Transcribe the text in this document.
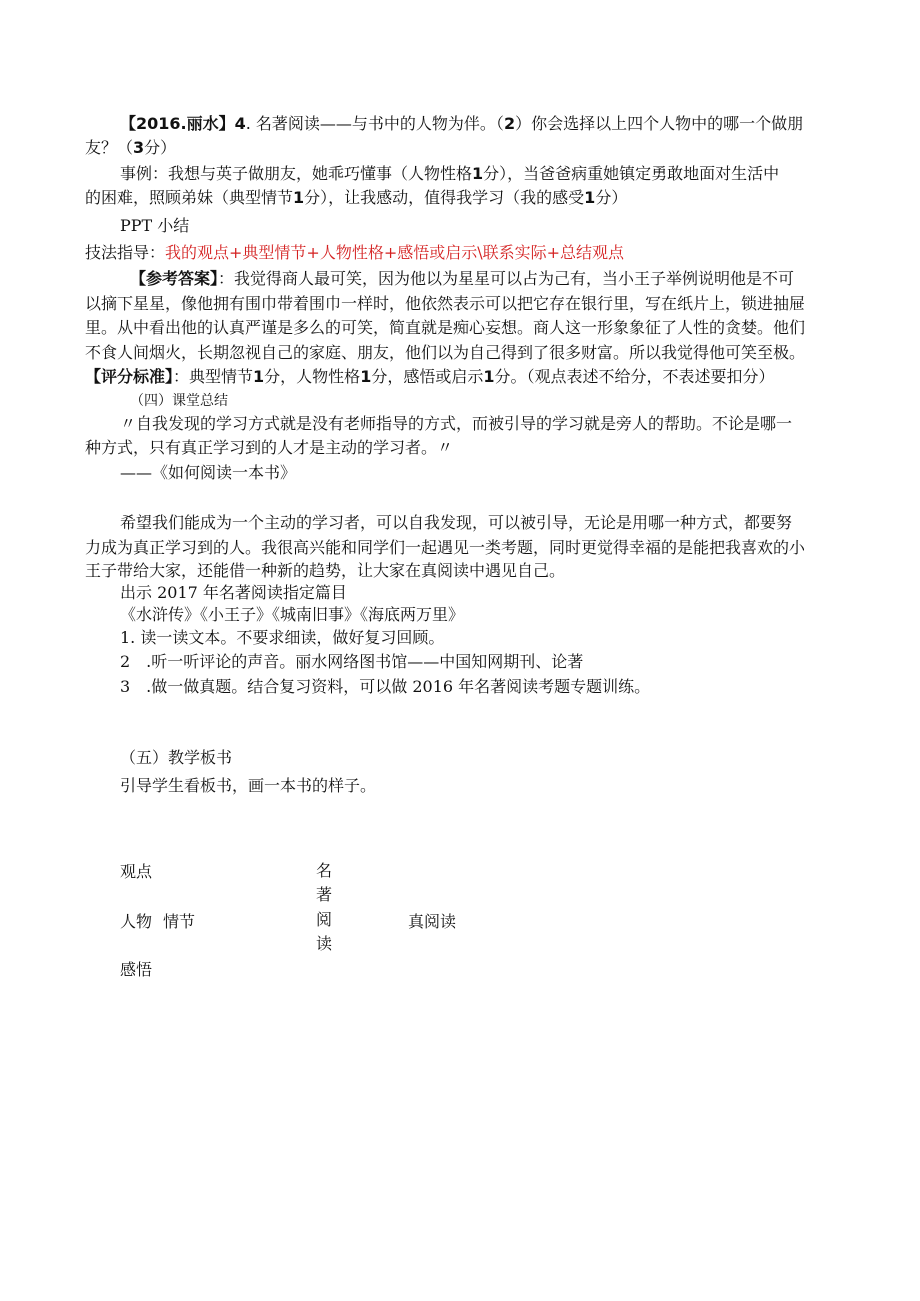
【2016.丽水】4. 名著阅读——与书中的人物为伴。（2）你会选择以上四个人物中的哪一个做朋
友？（3分）
事例：我想与英子做朋友，她乖巧懂事（人物性格1分），当爸爸病重她镇定勇敢地面对生活中
的困难，照顾弟妹（典型情节1分），让我感动，值得我学习（我的感受1分）
PPT 小结
技法指导：我的观点+典型情节+人物性格+感悟或启示\联系实际+总结观点
【参考答案】：我觉得商人最可笑，因为他以为星星可以占为己有，当小王子举例说明他是不可
以摘下星星，像他拥有围巾带着围巾一样时，他依然表示可以把它存在银行里，写在纸片上，锁进抽屉
里。从中看出他的认真严谨是多么的可笑，简直就是痴心妄想。商人这一形象象征了人性的贪婪。他们
不食人间烟火，长期忽视自己的家庭、朋友，他们以为自己得到了很多财富。所以我觉得他可笑至极。
【评分标准】：典型情节1分，人物性格1分，感悟或启示1分。（观点表述不给分，不表述要扣分）
（四）课堂总结
〃自我发现的学习方式就是没有老师指导的方式，而被引导的学习就是旁人的帮助。不论是哪一
种方式，只有真正学习到的人才是主动的学习者。〃
——《如何阅读一本书》
希望我们能成为一个主动的学习者，可以自我发现，可以被引导，无论是用哪一种方式，都要努
力成为真正学习到的人。我很高兴能和同学们一起遇见一类考题，同时更觉得幸福的是能把我喜欢的小
王子带给大家，还能借一种新的趋势，让大家在真阅读中遇见自己。
出示 2017 年名著阅读指定篇目
《水浒传》《小王子》《城南旧事》《海底两万里》
1. 读一读文本。不要求细读，做好复习回顾。
2　.听一听评论的声音。丽水网络图书馆——中国知网期刊、论著
3　.做一做真题。结合复习资料，可以做 2016 年名著阅读考题专题训练。
（五）教学板书
引导学生看板书，画一本书的样子。
观点
人物 情节
感悟
名
著
阅
读
真阅读
